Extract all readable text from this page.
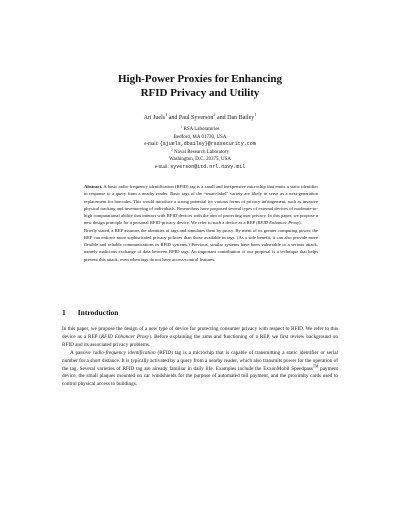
High-Power Proxies for Enhancing
RFID Privacy and Utility
Ari Juels$^1$ and Paul Syverson$^2$ and Dan Bailey$^1$
$^1$ RSA Laboratories
Bedford, MA 01730, USA
e-mail: {ajuels,dbailey}@rsasecurity.com
$^2$ Naval Research Laboratory
Washington, D.C. 20375, USA
e-mail: syverson@itd.nrl.navy.mil
Abstract. A basic radio-frequency identification (RFID) tag is a small and inexpensive microchip that emits a static identifier in response to a query from a nearby reader. Basic tags of the “smart-label” variety are likely to serve as a next-generation replacement for barcodes. This would introduce a strong potential for various forms of privacy infringement, such as invasive physical tracking and inventorying of individuals. Researchers have proposed several types of external devices of moderate-to-high computational ability that interact with RFID devices with the aim of protecting user privacy. In this paper, we propose a new design principle for a personal RFID-privacy device. We refer to such a device as a REP (RFID Enhancer Proxy).
Briefly stated, a REP assumes the identities of tags and simulates them by proxy. By merit of its greater computing power, the REP can enforce more sophisticated privacy policies than those available in tags. (As a side benefit, it can also provide more flexible and reliable communications in RFID systems.) Previous, similar systems have been vulnerable to a serious attack, namely malicious exchange of data between RFID tags. An important contribution of our proposal is a technique that helps prevent this attack, even when tags do not have access-control features.
1 Introduction

In this paper, we propose the design of a new type of device for protecting consumer privacy with respect to RFID. We refer to this device as a REP (RFID Enhancer Proxy). Before explaining the aims and functioning of a REP, we first review background on RFID and its associated privacy problems.

A passive radio-frequency identification (RFID) tag is a microchip that is capable of transmitting a static identifier or serial number for a short distance. It is typically activated by a query from a nearby reader, which also transmits power for the operation of the tag. Several varieties of RFID tag are already familiar in daily life. Examples include the ExxonMobil Speedpass™ payment device, the small plaques mounted on car windshields for the purpose of automated toll payment, and the proximity cards used to control physical access to buildings.
